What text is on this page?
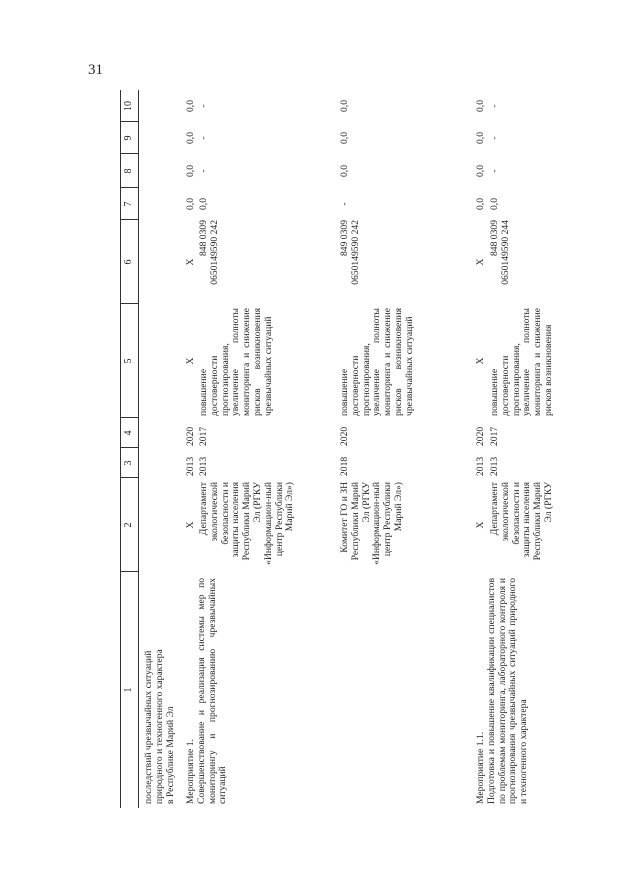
31
1
2
3
4
5
6
7
8
9
10
последствий чрезвычайных ситуаций
природного и техногенного характера
в Республике Марий Эл
Мероприятие 1.
Совершенствование и реализация системы мер по мониторингу и прогнозированию чрезвычайных ситуаций
X
2013
2020
X
X
0,0
0,0
0,0
0,0
Департамент экологической безопасности и защиты населения Республики Марий Эл (РГКУ «Информацион-ный центр Республики Марий Эл»)
2013
2017
повышение достоверности прогнозирования, увеличение полноты мониторинга и снижение рисков возникновения чрезвычайных ситуаций
848 0309
0650149590 242
0,0
-
-
-
Комитет ГО и ЗН Республики Марий Эл (РГКУ «Информацион-ный центр Республики Марий Эл»)
2018
2020
повышение достоверности прогнозирования, увеличение полноты мониторинга и снижение рисков возникновения чрезвычайных ситуаций
849 0309
0650149590 242
-
0,0
0,0
0,0
Мероприятие 1.1.
Подготовка и повышение квалификации специалистов по проблемам мониторинга, лабораторного контроля и прогнозирования чрезвычайных ситуаций природного и техногенного характера
X
2013
2020
X
X
0,0
0,0
0,0
0,0
Департамент экологической безопасности и защиты населения Республики Марий Эл (РГКУ
2013
2017
повышение достоверности прогнозирования, увеличение полноты мониторинга и снижение рисков возникновения
848 0309
0650149590 244
0,0
-
-
-
